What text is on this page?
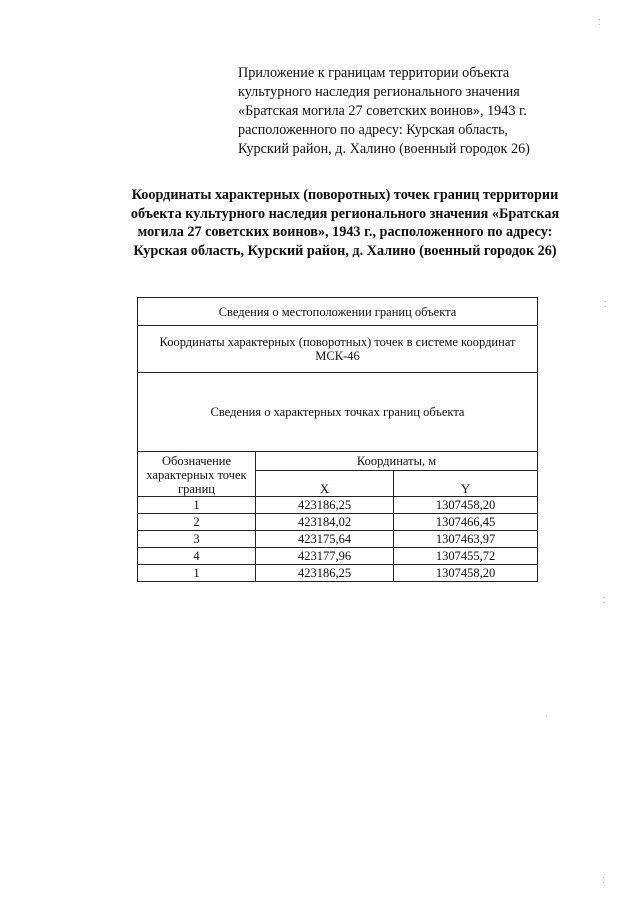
Приложение к границам территории объекта
культурного наследия регионального значения
«Братская могила 27 советских воинов», 1943 г.
расположенного по адресу: Курская область,
Курский район, д. Халино (военный городок 26)
Координаты характерных (поворотных) точек границ территории
объекта культурного наследия регионального значения «Братская
могила 27 советских воинов», 1943 г., расположенного по адресу:
Курская область, Курский район, д. Халино (военный городок 26)
Сведения о местоположении границ объекта		

Координаты характерных (поворотных) точек в системе координат
МСК-46		

Сведения о характерных точках границ объекта		

Обозначение
характерных точек
границ	Координаты, м	
	X	Y
1	423186,25	1307458,20
2	423184,02	1307466,45
3	423175,64	1307463,97
4	423177,96	1307455,72
1	423186,25	1307458,20
⁚
⁚
⁚
·
⁚
